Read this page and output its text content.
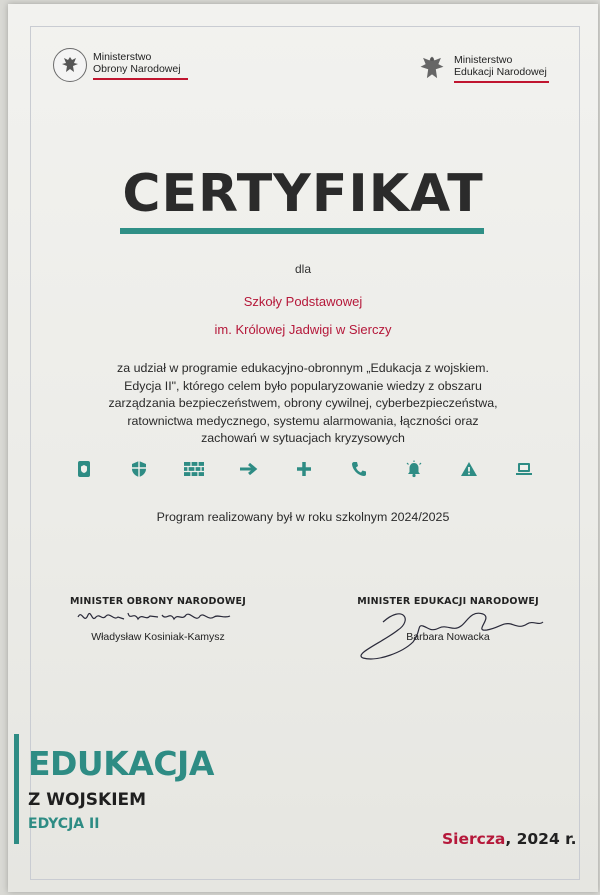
Ministerstwo
Obrony Narodowej
Ministerstwo
Edukacji Narodowej
CERTYFIKAT
dla
Szkoły Podstawowej
im. Królowej Jadwigi w Sierczy
za udział w programie edukacyjno-obronnym „Edukacja z wojskiem. Edycja II", którego celem było popularyzowanie wiedzy z obszaru zarządzania bezpieczeństwem, obrony cywilnej, cyberbezpieczeństwa, ratownictwa medycznego, systemu alarmowania, łączności oraz zachowań w sytuacjach kryzysowych
Program realizowany był w roku szkolnym 2024/2025
MINISTER OBRONY NARODOWEJ
Władysław Kosiniak-Kamysz
MINISTER EDUKACJI NARODOWEJ
Barbara Nowacka
EDUKACJA
Z WOJSKIEM
EDYCJA II
Siercza, 2024 r.
